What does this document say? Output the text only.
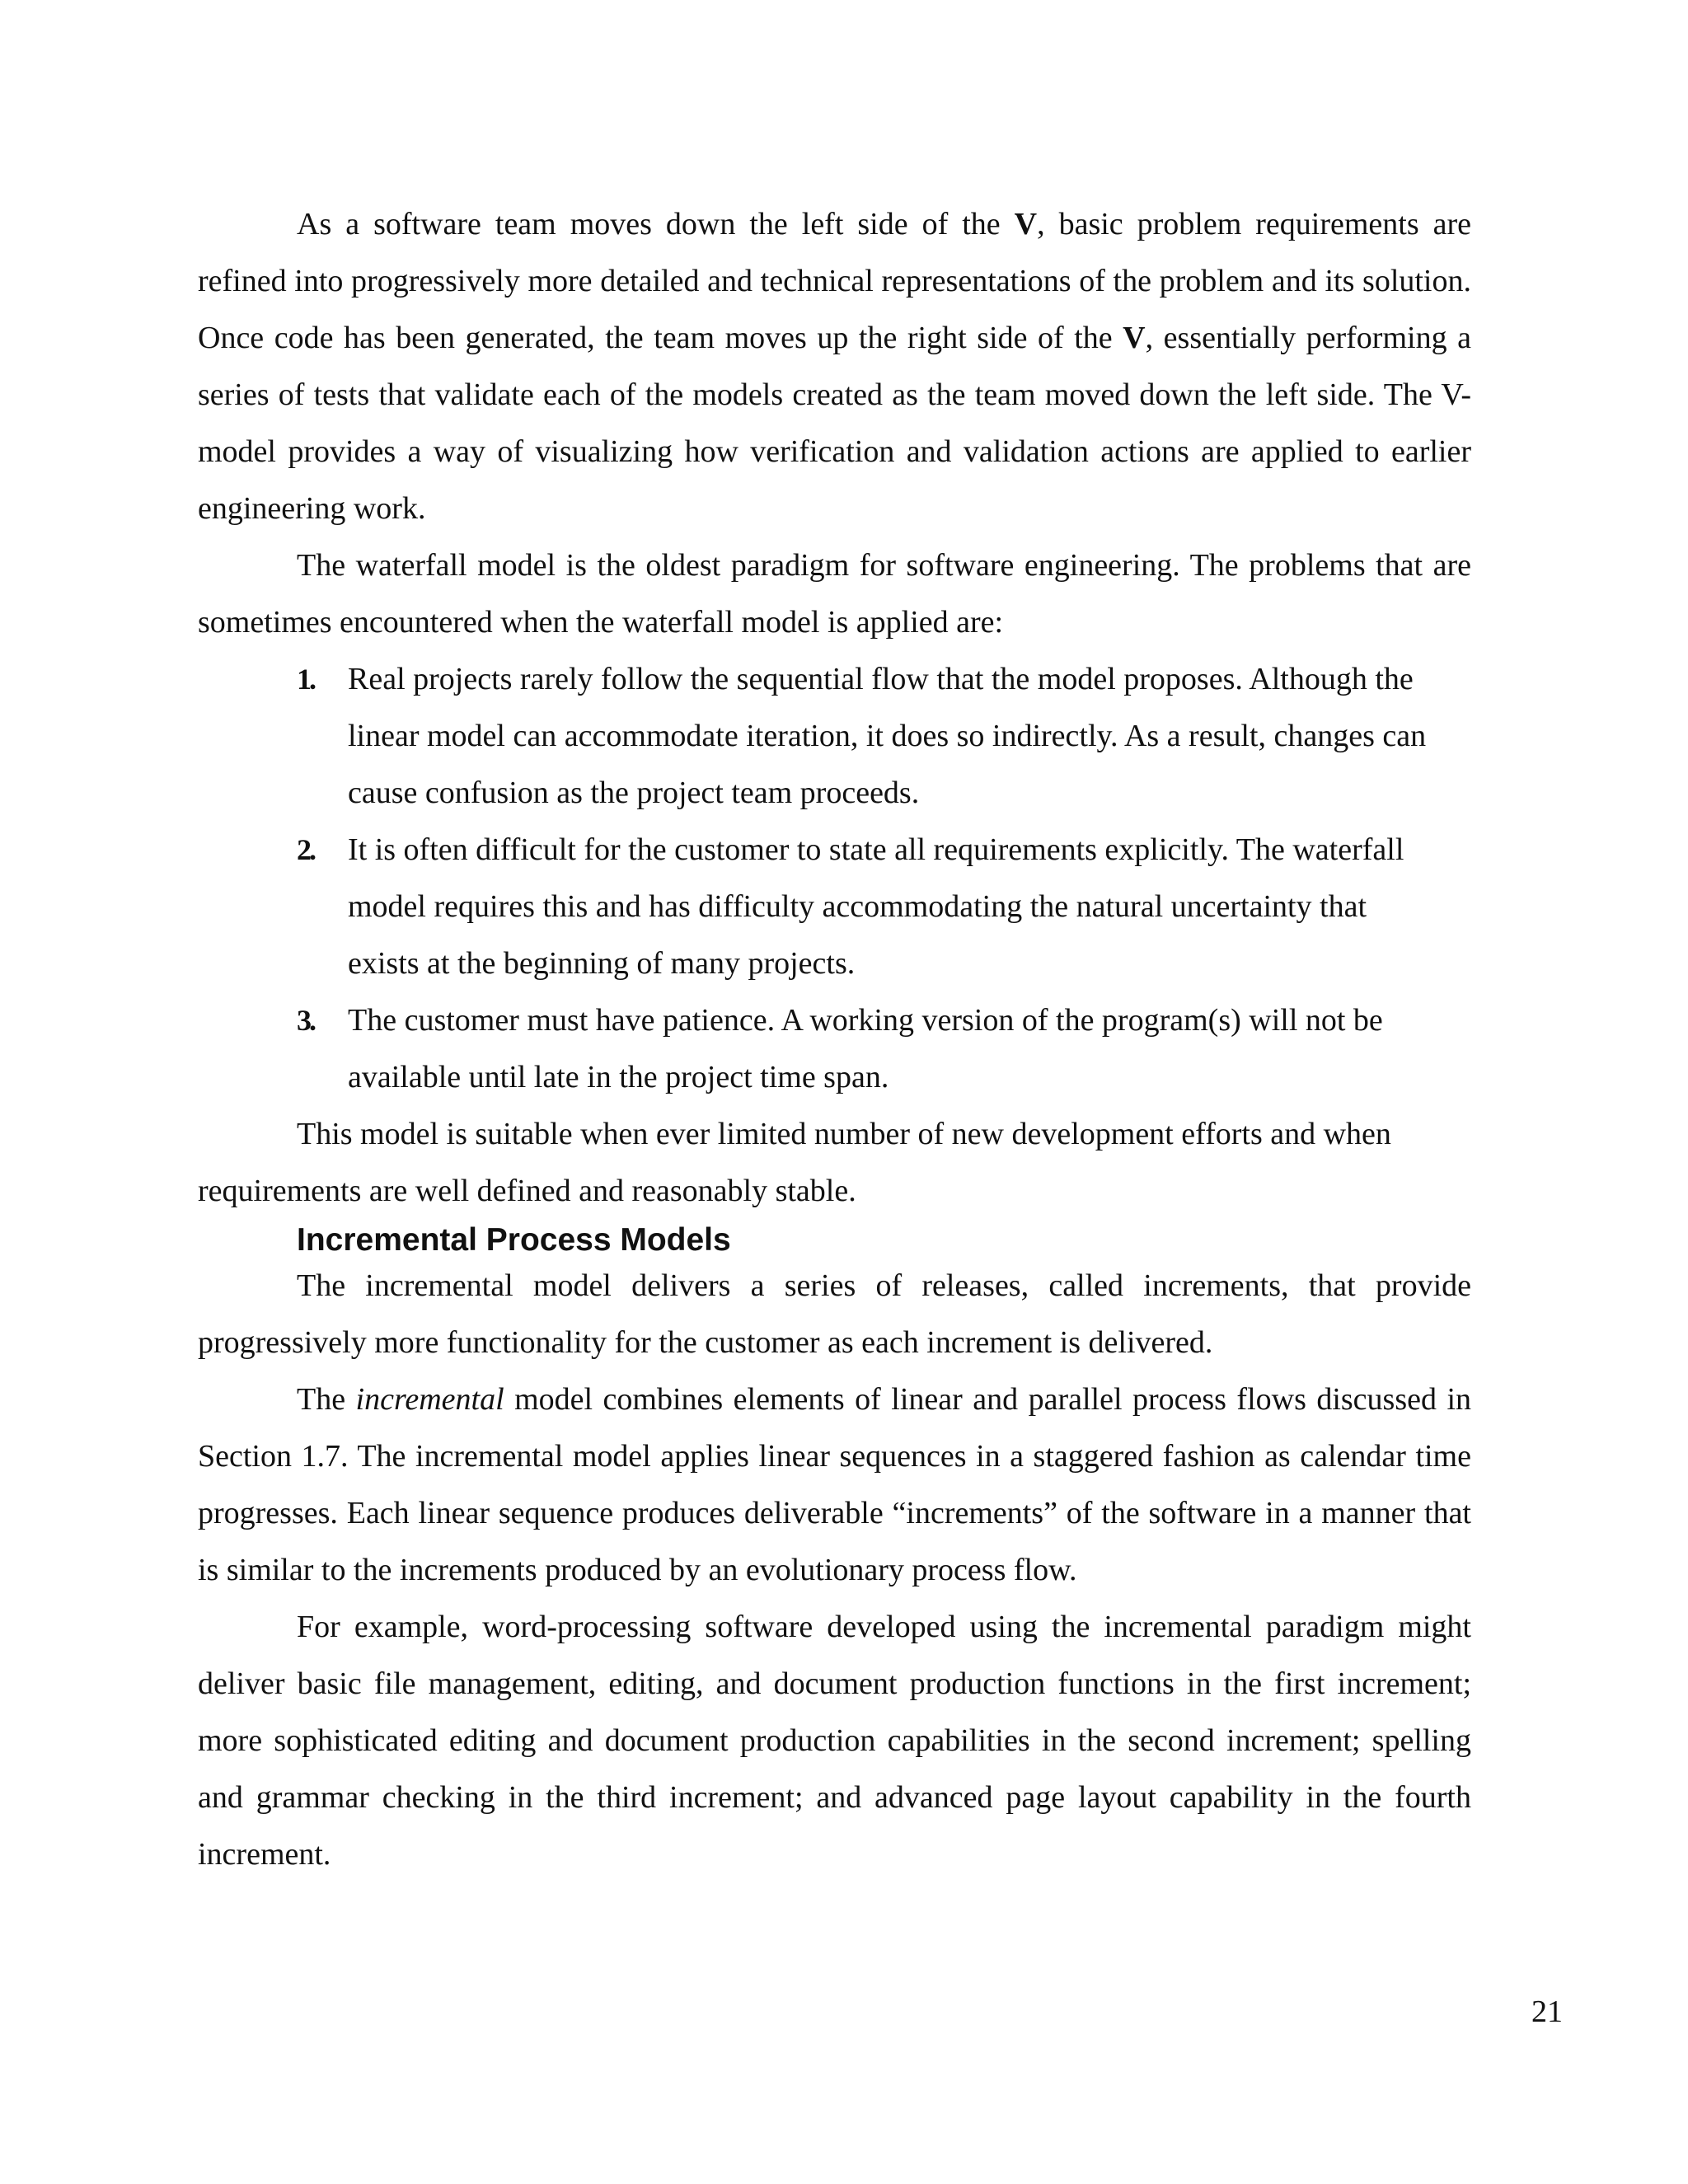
As a software team moves down the left side of the V, basic problem requirements are refined into progressively more detailed and technical representations of the problem and its solution. Once code has been generated, the team moves up the right side of the V, essentially performing a series of tests that validate each of the models created as the team moved down the left side. The V-model provides a way of visualizing how verification and validation actions are applied to earlier engineering work.

The waterfall model is the oldest paradigm for software engineering. The problems that are sometimes encountered when the waterfall model is applied are:

1. Real projects rarely follow the sequential flow that the model proposes. Although the linear model can accommodate iteration, it does so indirectly. As a result, changes can cause confusion as the project team proceeds.
2. It is often difficult for the customer to state all requirements explicitly. The waterfall model requires this and has difficulty accommodating the natural uncertainty that exists at the beginning of many projects.
3. The customer must have patience. A working version of the program(s) will not be available until late in the project time span.

This model is suitable when ever limited number of new development efforts and when requirements are well defined and reasonably stable.

Incremental Process Models

The incremental model delivers a series of releases, called increments, that provide progressively more functionality for the customer as each increment is delivered.

The incremental model combines elements of linear and parallel process flows discussed in Section 1.7. The incremental model applies linear sequences in a staggered fashion as calendar time progresses. Each linear sequence produces deliverable “increments” of the software in a manner that is similar to the increments produced by an evolutionary process flow.

For example, word-processing software developed using the incremental paradigm might deliver basic file management, editing, and document production functions in the first increment; more sophisticated editing and document production capabilities in the second increment; spelling and grammar checking in the third increment; and advanced page layout capability in the fourth increment.

21
